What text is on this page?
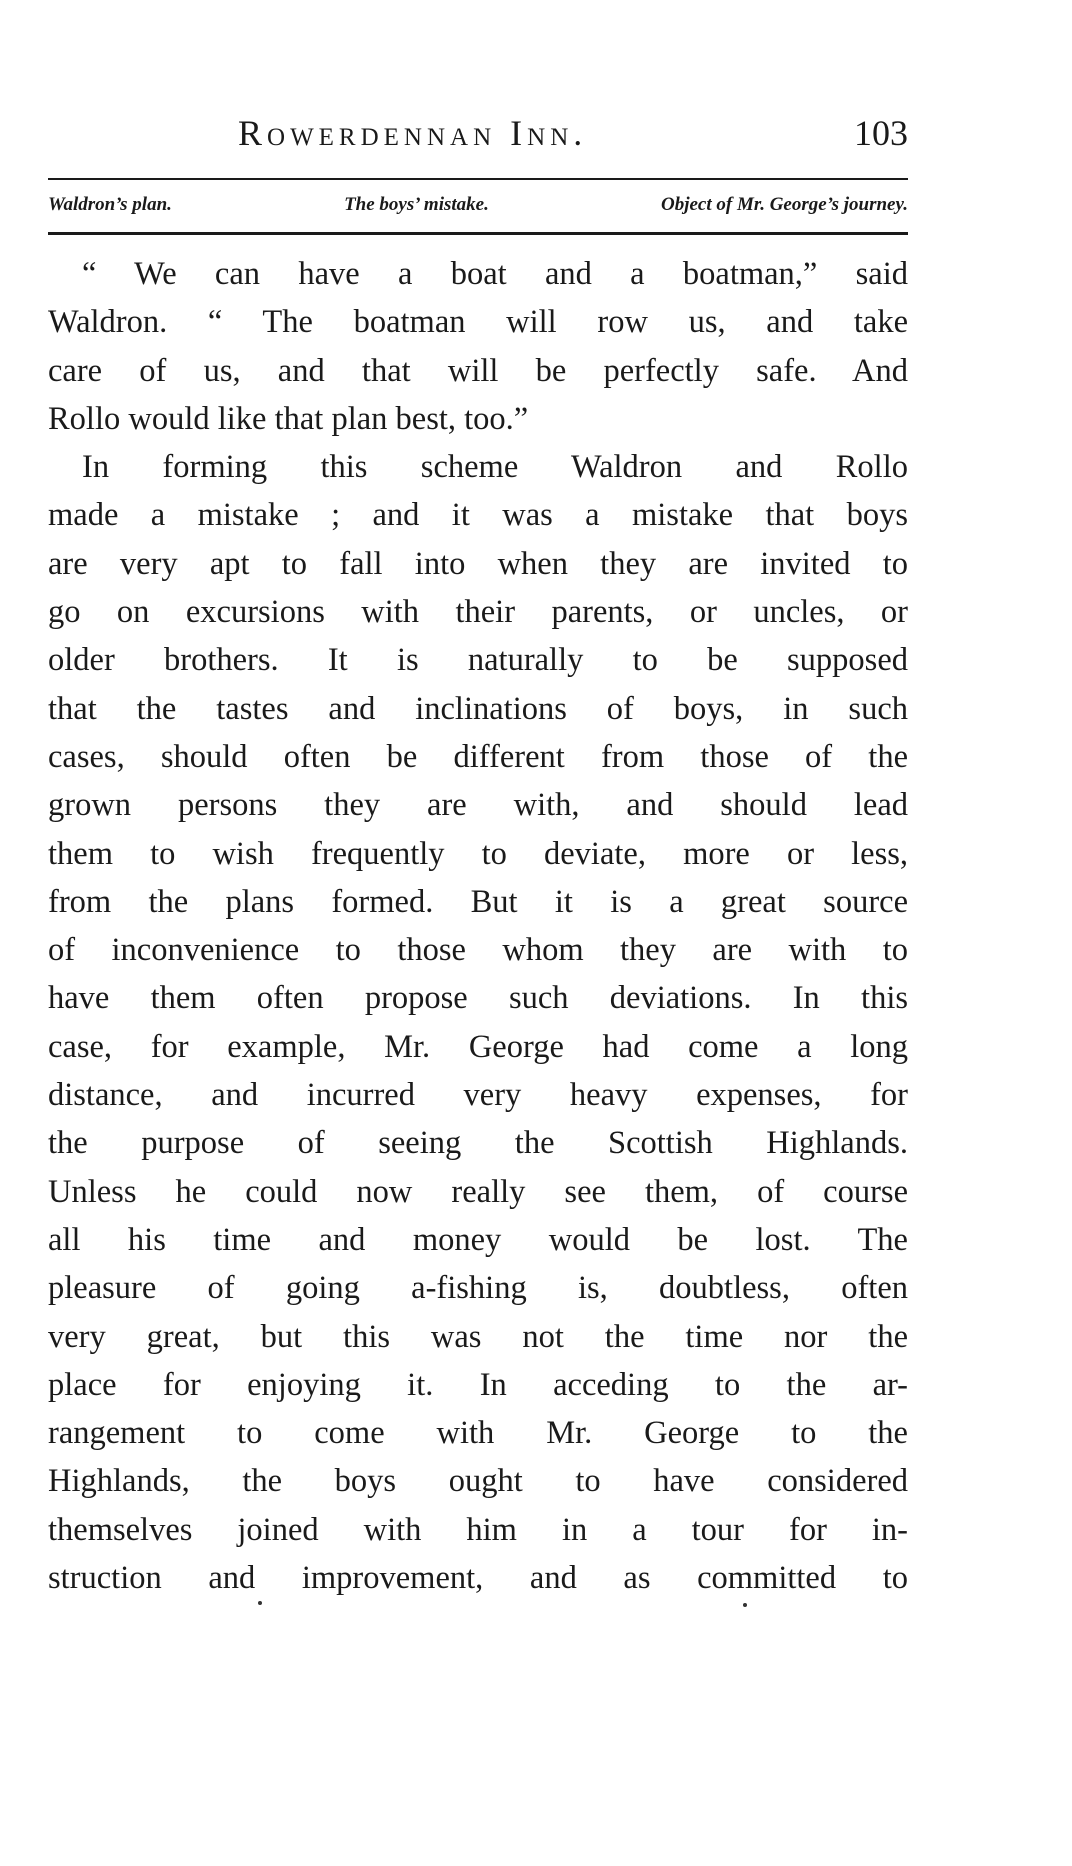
Rowerdennan Inn.	103
Waldron’s plan.	The boys’ mistake.	Object of Mr. George’s journey.
“ We can have a boat and a boatman,” said
Waldron. “ The boatman will row us, and take
care of us, and that will be perfectly safe. And
Rollo would like that plan best, too.”
In forming this scheme Waldron and Rollo
made a mistake ; and it was a mistake that boys
are very apt to fall into when they are invited to
go on excursions with their parents, or uncles, or
older brothers. It is naturally to be supposed
that the tastes and inclinations of boys, in such
cases, should often be different from those of the
grown persons they are with, and should lead
them to wish frequently to deviate, more or less,
from the plans formed. But it is a great source
of inconvenience to those whom they are with to
have them often propose such deviations. In this
case, for example, Mr. George had come a long
distance, and incurred very heavy expenses, for
the purpose of seeing the Scottish Highlands.
Unless he could now really see them, of course
all his time and money would be lost. The
pleasure of going a-fishing is, doubtless, often
very great, but this was not the time nor the
place for enjoying it. In acceding to the ar-
rangement to come with Mr. George to the
Highlands, the boys ought to have considered
themselves joined with him in a tour for in-
struction and improvement, and as committed to
